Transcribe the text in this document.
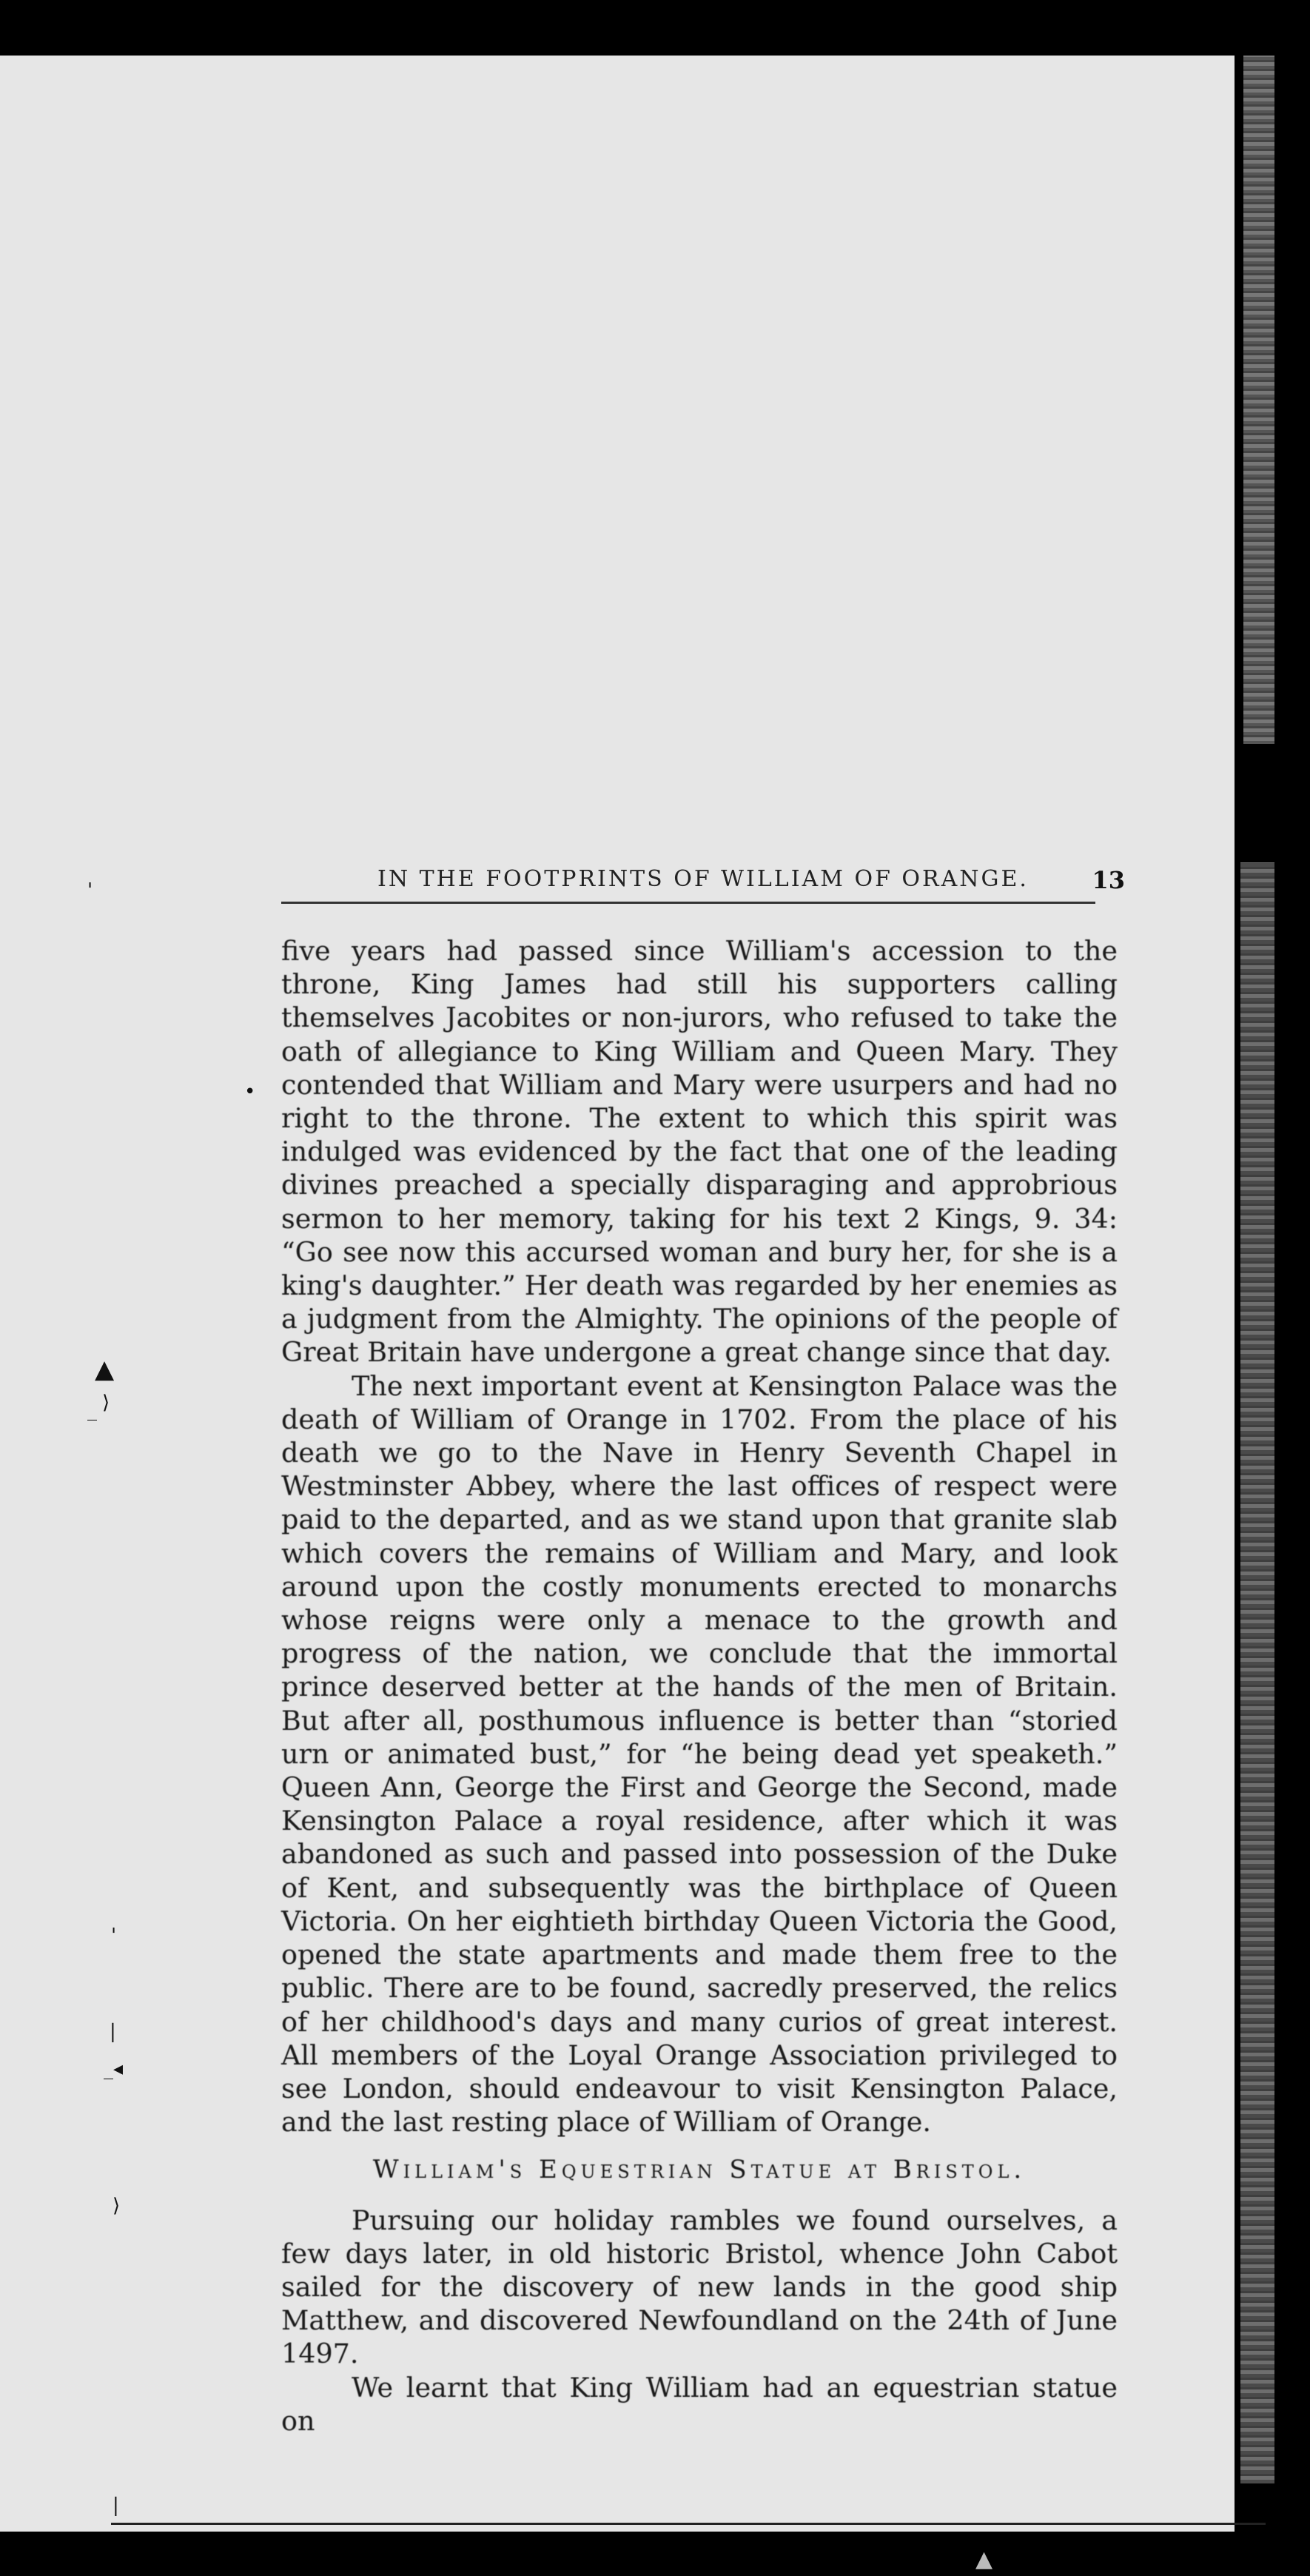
IN THE FOOTPRINTS OF WILLIAM OF ORANGE.	13

five years had passed since William's accession to the throne, King James had still his supporters calling themselves Jacobites or non-jurors, who refused to take the oath of allegiance to King William and Queen Mary. They contended that William and Mary were usurpers and had no right to the throne. The extent to which this spirit was indulged was evidenced by the fact that one of the leading divines preached a specially disparaging and approbrious sermon to her memory, taking for his text 2 Kings, 9. 34: “Go see now this accursed woman and bury her, for she is a king's daughter.” Her death was regarded by her enemies as a judgment from the Almighty. The opinions of the people of Great Britain have undergone a great change since that day.

The next important event at Kensington Palace was the death of William of Orange in 1702. From the place of his death we go to the Nave in Henry Seventh Chapel in Westminster Abbey, where the last offices of respect were paid to the departed, and as we stand upon that granite slab which covers the remains of William and Mary, and look around upon the costly monuments erected to monarchs whose reigns were only a menace to the growth and progress of the nation, we conclude that the immortal prince deserved better at the hands of the men of Britain. But after all, posthumous influence is better than “storied urn or animated bust,” for “he being dead yet speaketh.” Queen Ann, George the First and George the Second, made Kensington Palace a royal residence, after which it was abandoned as such and passed into possession of the Duke of Kent, and subsequently was the birthplace of Queen Victoria. On her eightieth birthday Queen Victoria the Good, opened the state apartments and made them free to the public. There are to be found, sacredly preserved, the relics of her childhood's days and many curios of great interest. All members of the Loyal Orange Association privileged to see London, should endeavour to visit Kensington Palace, and the last resting place of William of Orange.

William's Equestrian Statue at Bristol.

Pursuing our holiday rambles we found ourselves, a few days later, in old historic Bristol, whence John Cabot sailed for the discovery of new lands in the good ship Matthew, and discovered Newfoundland on the 24th of June 1497.

We learnt that King William had an equestrian statue on

'
•
▲
_ ⟩
'
|
_◂
⟩
|
▲
